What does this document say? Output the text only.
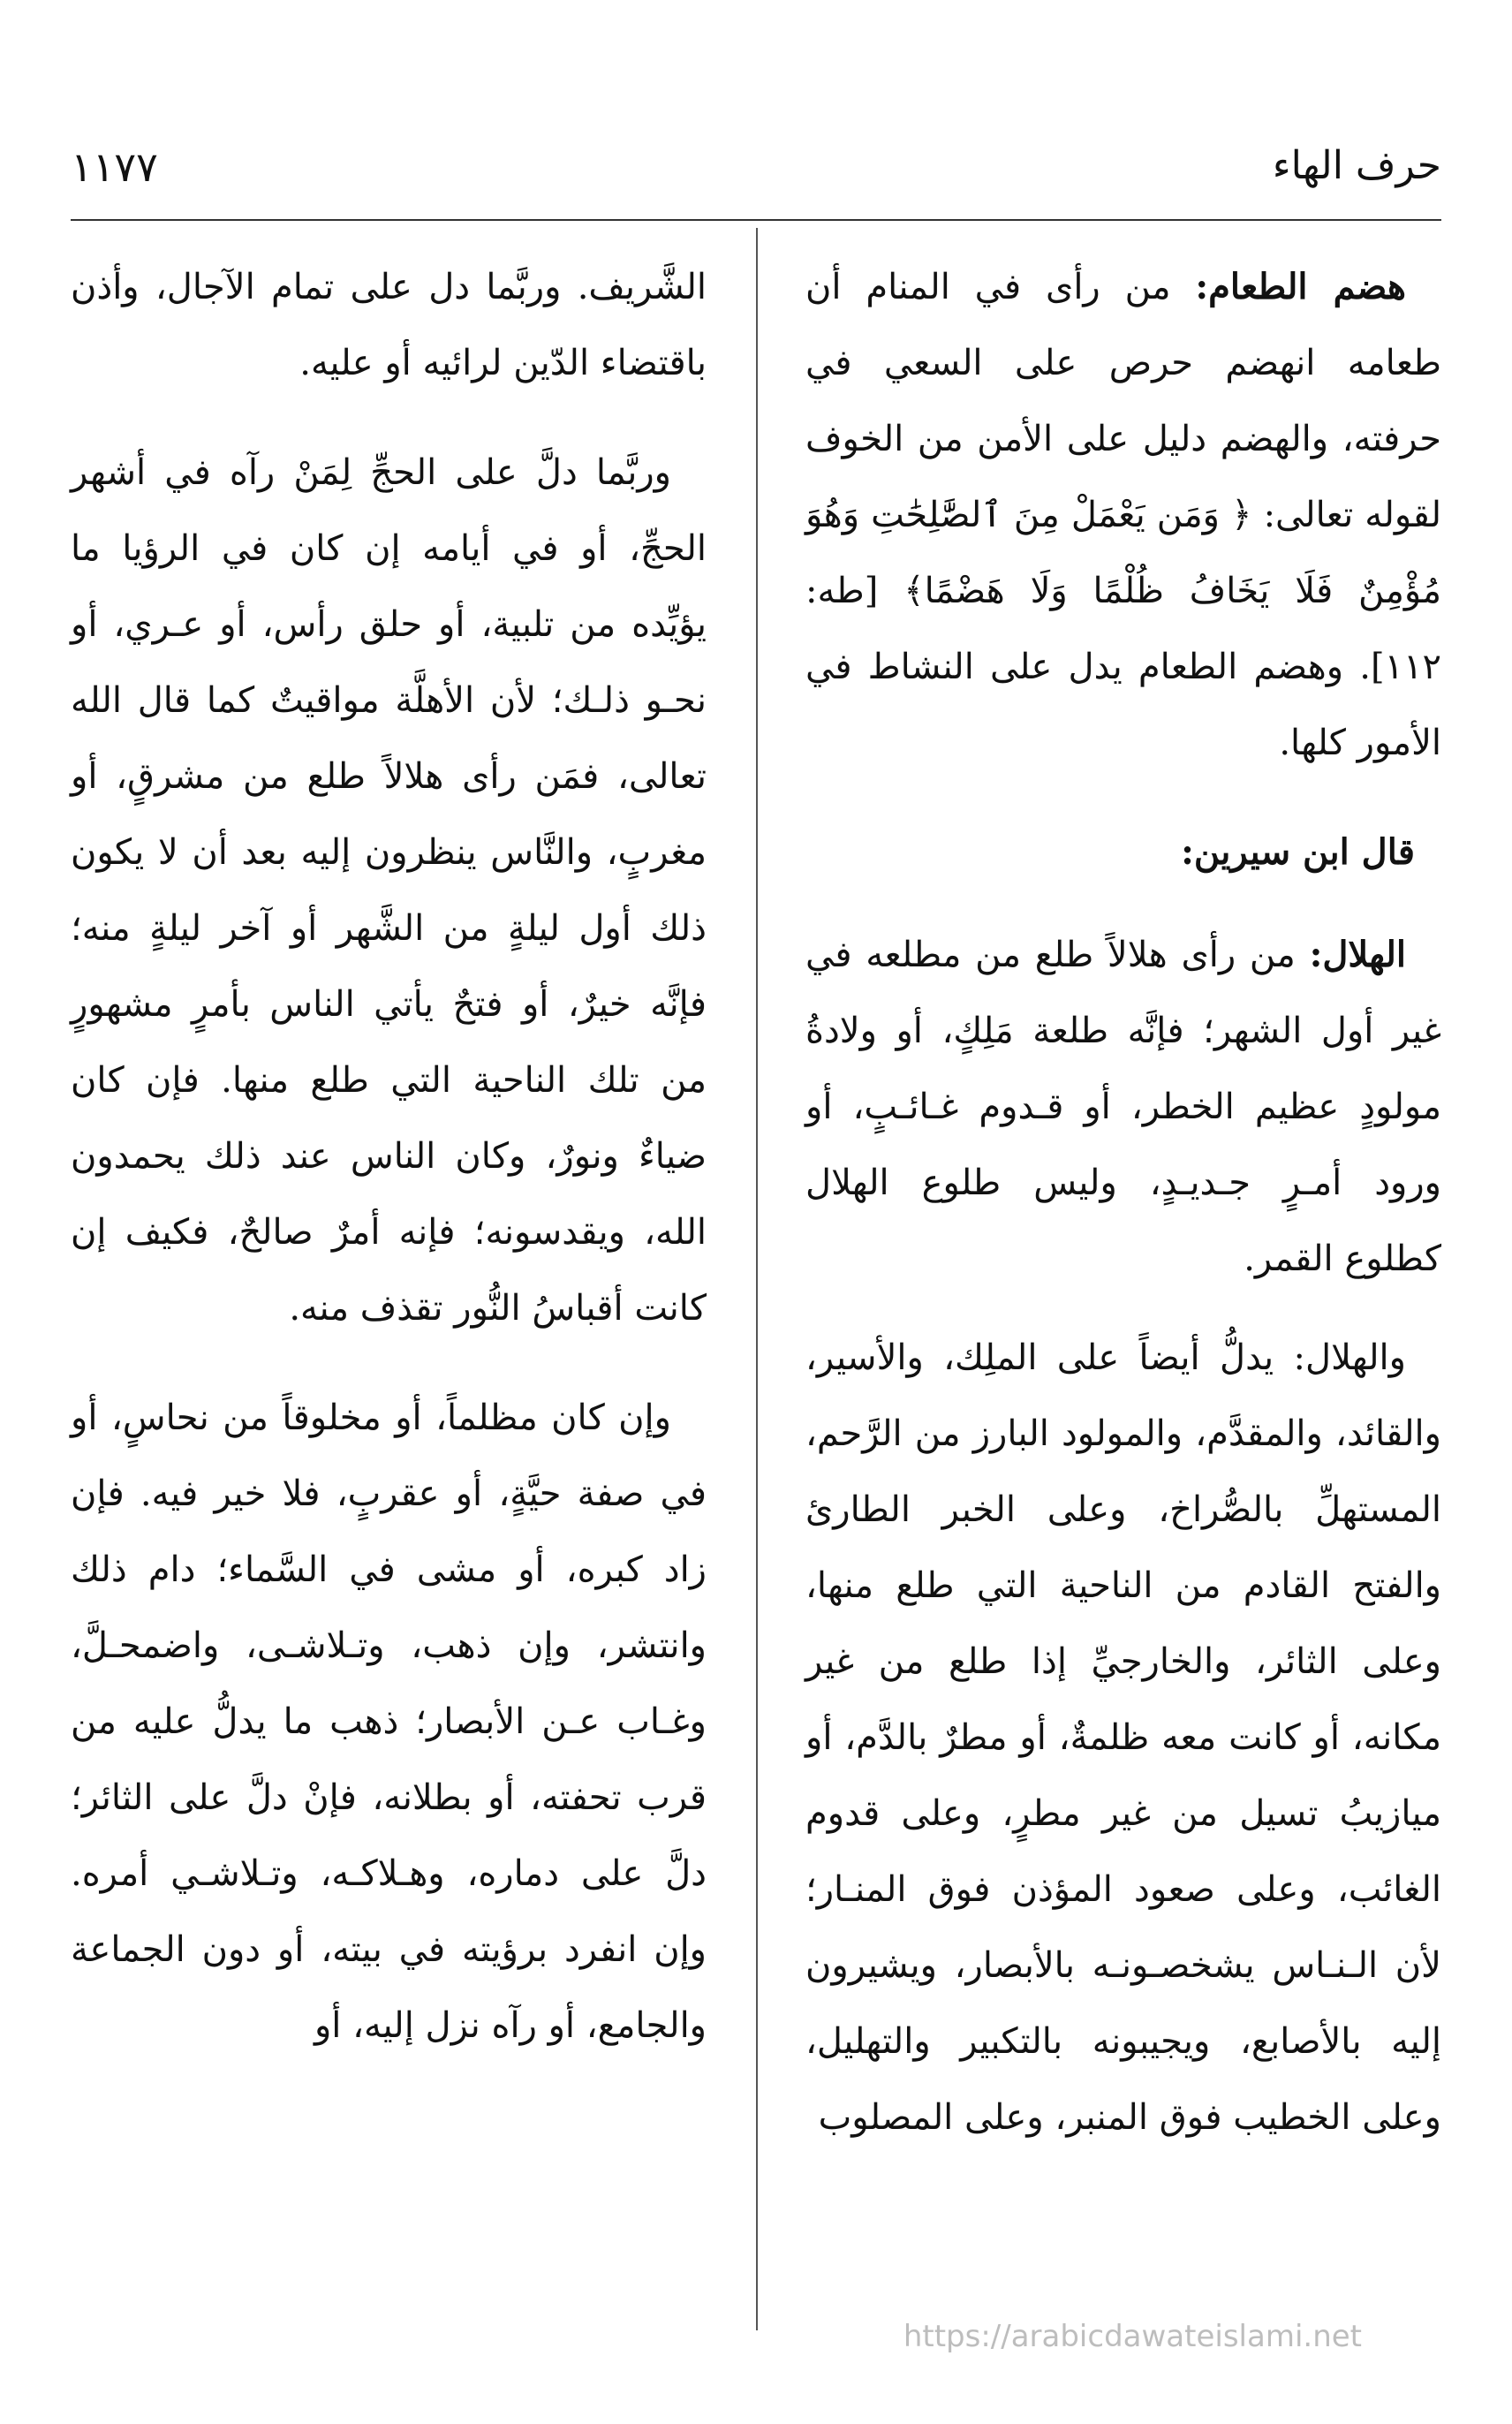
حرف الهاء
١١٧٧

هضم الطعام: من رأى في المنام أن طعامه انهضم حرص على السعي في حرفته، والهضم دليل على الأمن من الخوف لقوله تعالى: ﴿ وَمَن يَعْمَلْ مِنَ ٱلصَّٰلِحَٰتِ وَهُوَ مُؤْمِنٌ فَلَا يَخَافُ ظُلْمًا وَلَا هَضْمًا﴾ [طه: ١١٢]. وهضم الطعام يدل على النشاط في الأمور كلها.

قال ابن سيرين:

الهلال: من رأى هلالاً طلع من مطلعه في غير أول الشهر؛ فإنَّه طلعة مَلِكٍ، أو ولادةُ مولودٍ عظيم الخطر، أو قـدوم غـائـبٍ، أو ورود أمـرٍ جـديـدٍ، وليس طلوع الهلال كطلوع القمر.

والهلال: يدلُّ أيضاً على الملِك، والأسير، والقائد، والمقدَّم، والمولود البارز من الرَّحم، المستهلِّ بالصُّراخ، وعلى الخبر الطارئ والفتح القادم من الناحية التي طلع منها، وعلى الثائر، والخارجيِّ إذا طلع من غير مكانه، أو كانت معه ظلمةٌ، أو مطرٌ بالدَّم، أو ميازيبُ تسيل من غير مطرٍ، وعلى قدوم الغائب، وعلى صعود المؤذن فوق المنـار؛ لأن الـنـاس يشخصـونـه بالأبصار، ويشيرون إليه بالأصابع، ويجيبونه بالتكبير والتهليل، وعلى الخطيب فوق المنبر، وعلى المصلوب

الشَّريف. وربَّما دل على تمام الآجال، وأذن باقتضاء الدّين لرائيه أو عليه.

وربَّما دلَّ على الحجِّ لِمَنْ رآه في أشهر الحجِّ، أو في أيامه إن كان في الرؤيا ما يؤيِّده من تلبية، أو حلق رأس، أو عـري، أو نحـو ذلـك؛ لأن الأهلَّة مواقيتٌ كما قال الله تعالى، فمَن رأى هلالاً طلع من مشرقٍ، أو مغربٍ، والنَّاس ينظرون إليه بعد أن لا يكون ذلك أول ليلةٍ من الشَّهر أو آخر ليلةٍ منه؛ فإنَّه خيرٌ، أو فتحٌ يأتي الناس بأمرٍ مشهورٍ من تلك الناحية التي طلع منها. فإن كان ضياءٌ ونورٌ، وكان الناس عند ذلك يحمدون الله، ويقدسونه؛ فإنه أمرٌ صالحٌ، فكيف إن كانت أقباسُ النُّور تقذف منه.

وإن كان مظلماً، أو مخلوقاً من نحاسٍ، أو في صفة حيَّةٍ، أو عقربٍ، فلا خير فيه. فإن زاد كبره، أو مشى في السَّماء؛ دام ذلك وانتشر، وإن ذهب، وتـلاشـى، واضمحـلَّ، وغـاب عـن الأبصار؛ ذهب ما يدلُّ عليه من قرب تحفته، أو بطلانه، فإنْ دلَّ على الثائر؛ دلَّ على دماره، وهـلاكـه، وتـلاشـي أمره. وإن انفرد برؤيته في بيته، أو دون الجماعة والجامع، أو رآه نزل إليه، أو

https://arabicdawateislami.net
